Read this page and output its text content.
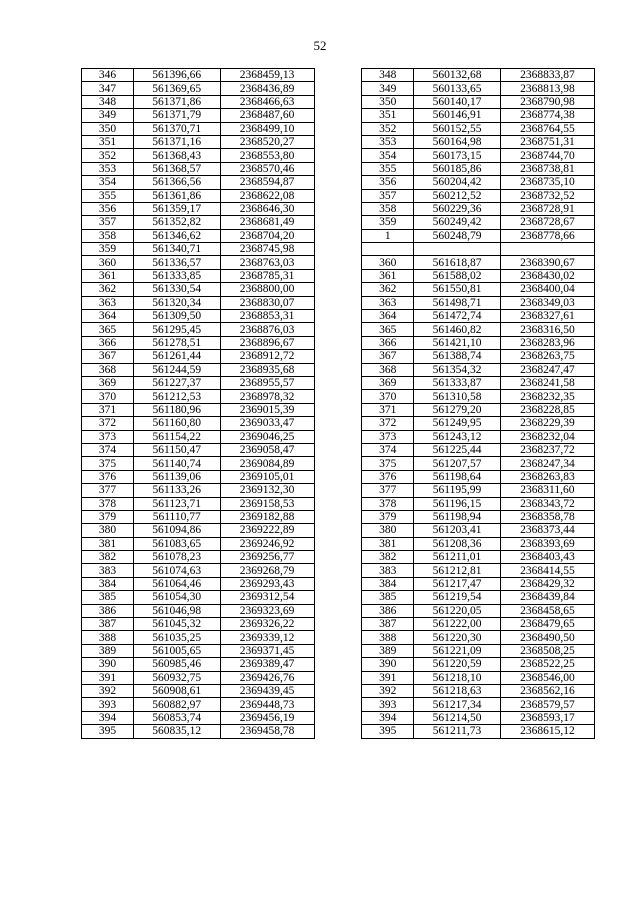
52
346	561396,66	2368459,13		348	560132,68	2368833,87
347	561369,65	2368436,89		349	560133,65	2368813,98
348	561371,86	2368466,63		350	560140,17	2368790,98
349	561371,79	2368487,60		351	560146,91	2368774,38
350	561370,71	2368499,10		352	560152,55	2368764,55
351	561371,16	2368520,27		353	560164,98	2368751,31
352	561368,43	2368553,80		354	560173,15	2368744,70
353	561368,57	2368570,46		355	560185,86	2368738,81
354	561366,56	2368594,87		356	560204,42	2368735,10
355	561361,86	2368622,08		357	560212,52	2368732,52
356	561359,17	2368646,30		358	560229,36	2368728,91
357	561352,82	2368681,49		359	560249,42	2368728,67
358	561346,62	2368704,20		1	560248,79	2368778,66
359	561340,71	2368745,98				
360	561336,57	2368763,03		360	561618,87	2368390,67
361	561333,85	2368785,31		361	561588,02	2368430,02
362	561330,54	2368800,00		362	561550,81	2368400,04
363	561320,34	2368830,07		363	561498,71	2368349,03
364	561309,50	2368853,31		364	561472,74	2368327,61
365	561295,45	2368876,03		365	561460,82	2368316,50
366	561278,51	2368896,67		366	561421,10	2368283,96
367	561261,44	2368912,72		367	561388,74	2368263,75
368	561244,59	2368935,68		368	561354,32	2368247,47
369	561227,37	2368955,57		369	561333,87	2368241,58
370	561212,53	2368978,32		370	561310,58	2368232,35
371	561180,96	2369015,39		371	561279,20	2368228,85
372	561160,80	2369033,47		372	561249,95	2368229,39
373	561154,22	2369046,25		373	561243,12	2368232,04
374	561150,47	2369058,47		374	561225,44	2368237,72
375	561140,74	2369084,89		375	561207,57	2368247,34
376	561139,06	2369105,01		376	561198,64	2368263,83
377	561133,26	2369132,30		377	561195,99	2368311,60
378	561123,71	2369158,53		378	561196,15	2368343,72
379	561110,77	2369182,88		379	561198,94	2368358,78
380	561094,86	2369222,89		380	561203,41	2368373,44
381	561083,65	2369246,92		381	561208,36	2368393,69
382	561078,23	2369256,77		382	561211,01	2368403,43
383	561074,63	2369268,79		383	561212,81	2368414,55
384	561064,46	2369293,43		384	561217,47	2368429,32
385	561054,30	2369312,54		385	561219,54	2368439,84
386	561046,98	2369323,69		386	561220,05	2368458,65
387	561045,32	2369326,22		387	561222,00	2368479,65
388	561035,25	2369339,12		388	561220,30	2368490,50
389	561005,65	2369371,45		389	561221,09	2368508,25
390	560985,46	2369389,47		390	561220,59	2368522,25
391	560932,75	2369426,76		391	561218,10	2368546,00
392	560908,61	2369439,45		392	561218,63	2368562,16
393	560882,97	2369448,73		393	561217,34	2368579,57
394	560853,74	2369456,19		394	561214,50	2368593,17
395	560835,12	2369458,78		395	561211,73	2368615,12
